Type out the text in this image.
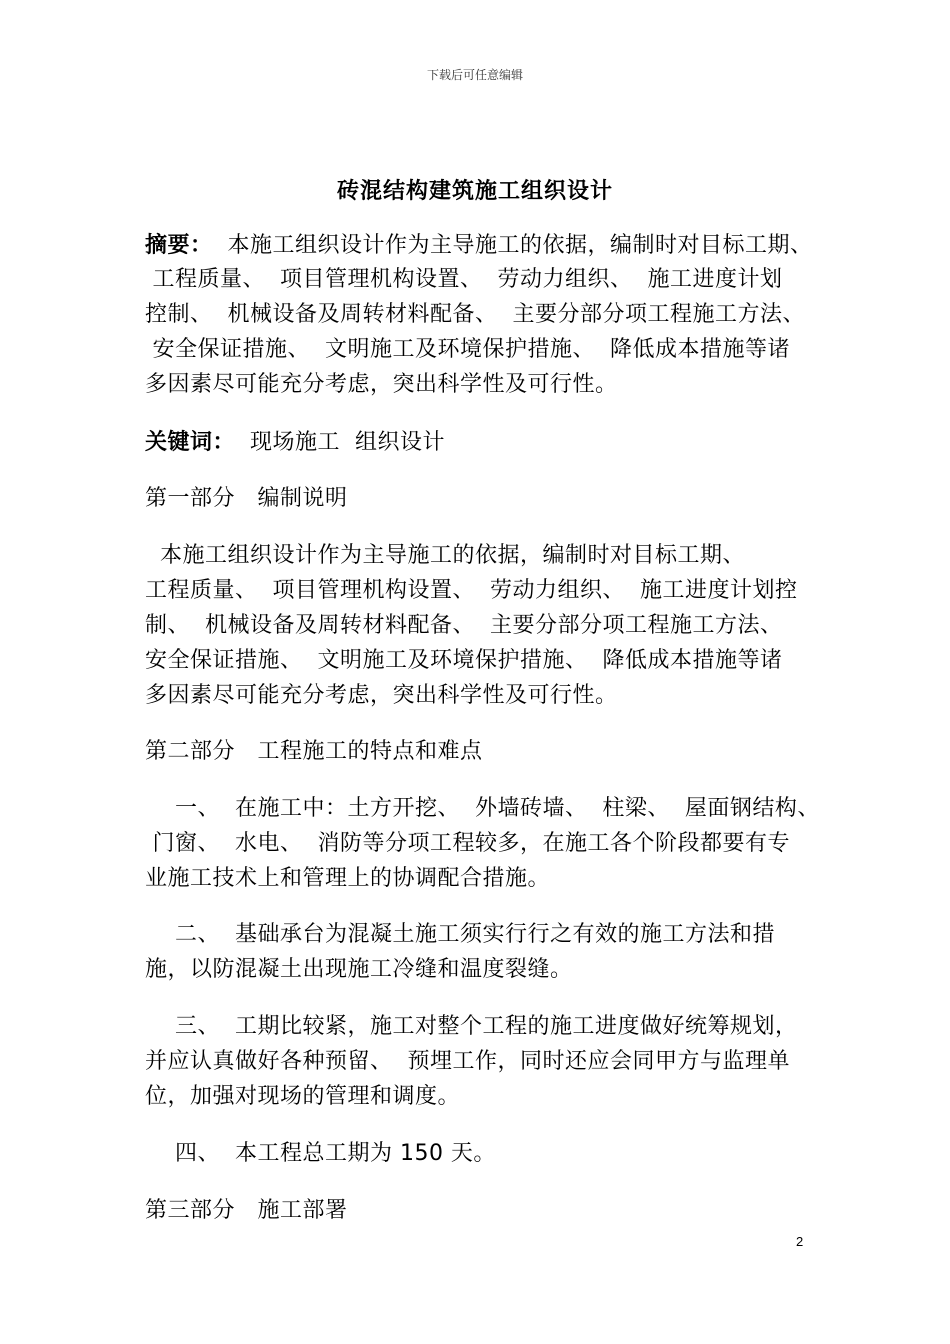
下载后可任意编辑
砖混结构建筑施工组织设计
摘要：  本施工组织设计作为主导施工的依据，编制时对目标工期、
工程质量、  项目管理机构设置、  劳动力组织、  施工进度计划
控制、  机械设备及周转材料配备、  主要分部分项工程施工方法、
安全保证措施、  文明施工及环境保护措施、  降低成本措施等诸
多因素尽可能充分考虑，突出科学性及可行性。
关键词：  现场施工  组织设计
第一部分   编制说明
本施工组织设计作为主导施工的依据，编制时对目标工期、
工程质量、  项目管理机构设置、  劳动力组织、  施工进度计划控
制、  机械设备及周转材料配备、  主要分部分项工程施工方法、
安全保证措施、  文明施工及环境保护措施、  降低成本措施等诸
多因素尽可能充分考虑，突出科学性及可行性。
第二部分   工程施工的特点和难点
一、  在施工中：土方开挖、  外墙砖墙、  柱梁、  屋面钢结构、
门窗、  水电、  消防等分项工程较多，在施工各个阶段都要有专
业施工技术上和管理上的协调配合措施。
二、  基础承台为混凝土施工须实行行之有效的施工方法和措
施，以防混凝土出现施工冷缝和温度裂缝。
三、  工期比较紧，施工对整个工程的施工进度做好统筹规划，
并应认真做好各种预留、  预埋工作，同时还应会同甲方与监理单
位，加强对现场的管理和调度。
四、  本工程总工期为 150 天。
第三部分   施工部署
2
